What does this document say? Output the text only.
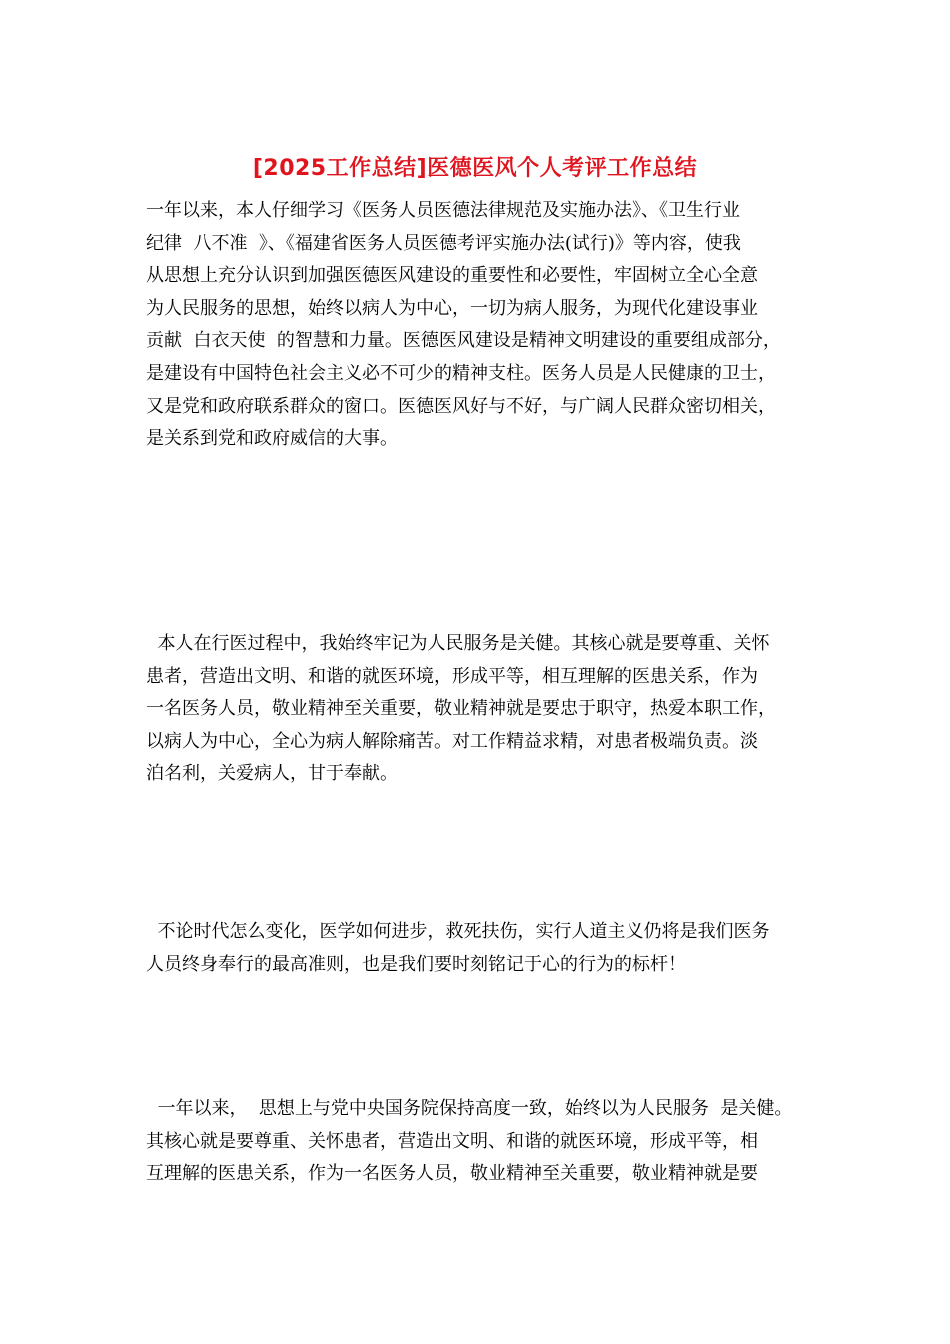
[2025工作总结]医德医风个人考评工作总结
一年以来，本人仔细学习《医务人员医德法律规范及实施办法》、《卫生行业
纪律  八不准  》、《福建省医务人员医德考评实施办法(试行)》等内容，使我
从思想上充分认识到加强医德医风建设的重要性和必要性，牢固树立全心全意
为人民服务的思想，始终以病人为中心，一切为病人服务，为现代化建设事业
贡献  白衣天使  的智慧和力量。医德医风建设是精神文明建设的重要组成部分，
是建设有中国特色社会主义必不可少的精神支柱。医务人员是人民健康的卫士，
又是党和政府联系群众的窗口。医德医风好与不好，与广阔人民群众密切相关，
是关系到党和政府威信的大事。
本人在行医过程中，我始终牢记为人民服务是关健。其核心就是要尊重、关怀
患者，营造出文明、和谐的就医环境，形成平等，相互理解的医患关系，作为
一名医务人员，敬业精神至关重要，敬业精神就是要忠于职守，热爱本职工作，
以病人为中心，全心为病人解除痛苦。对工作精益求精，对患者极端负责。淡
泊名利，关爱病人，甘于奉献。
不论时代怎么变化，医学如何进步，救死扶伤，实行人道主义仍将是我们医务
人员终身奉行的最高准则，也是我们要时刻铭记于心的行为的标杆！
一年以来，  思想上与党中央国务院保持高度一致，始终以为人民服务  是关健。
其核心就是要尊重、关怀患者，营造出文明、和谐的就医环境，形成平等，相
互理解的医患关系，作为一名医务人员，敬业精神至关重要，敬业精神就是要
